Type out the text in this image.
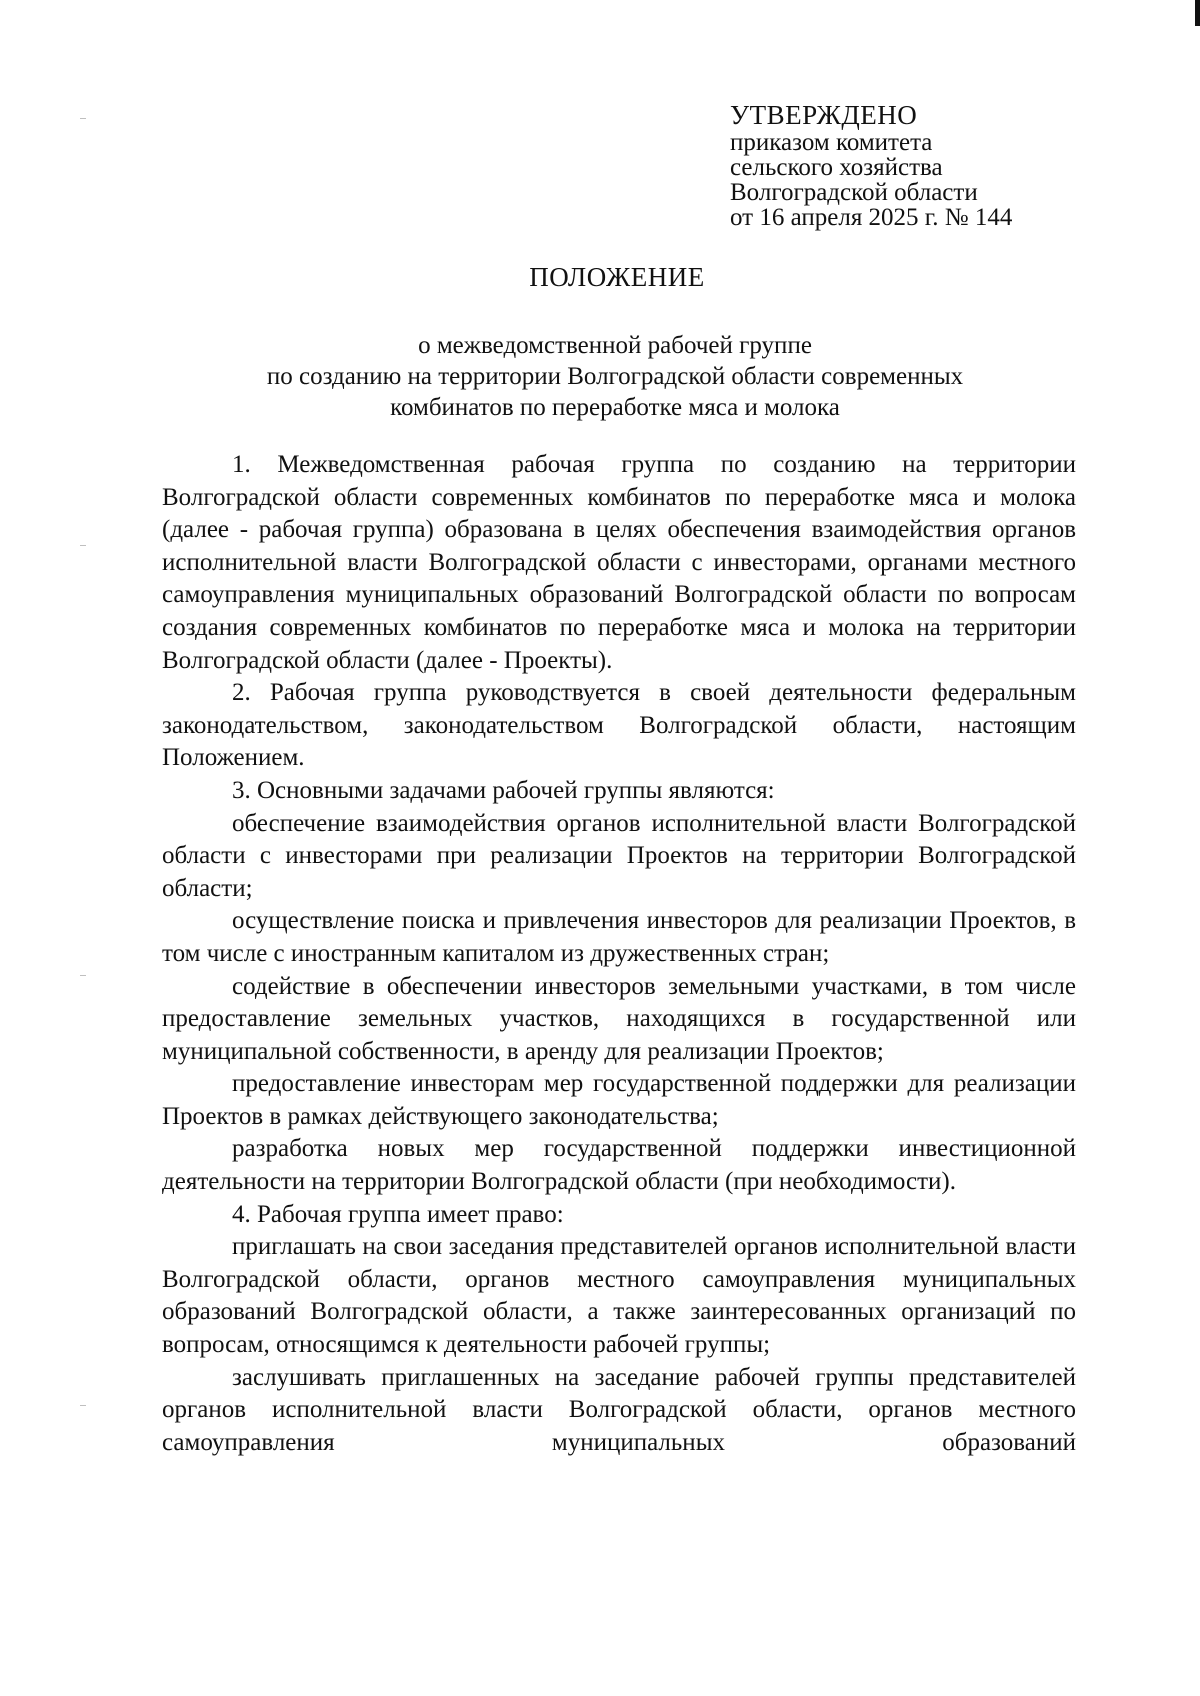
УТВЕРЖДЕНО
приказом комитета
сельского хозяйства
Волгоградской области
от 16 апреля 2025 г. № 144
ПОЛОЖЕНИЕ
о межведомственной рабочей группе
по созданию на территории Волгоградской области современных
комбинатов по переработке мяса и молока

1. Межведомственная рабочая группа по созданию на территории Волгоградской области современных комбинатов по переработке мяса и молока (далее - рабочая группа) образована в целях обеспечения взаимодействия органов исполнительной власти Волгоградской области с инвесторами, органами местного самоуправления муниципальных образований Волгоградской области по вопросам создания современных комбинатов по переработке мяса и молока на территории Волгоградской области (далее - Проекты).

2. Рабочая группа руководствуется в своей деятельности федеральным законодательством, законодательством Волгоградской области, настоящим Положением.

3. Основными задачами рабочей группы являются:

обеспечение взаимодействия органов исполнительной власти Волгоградской области с инвесторами при реализации Проектов на территории Волгоградской области;

осуществление поиска и привлечения инвесторов для реализации Проектов, в том числе с иностранным капиталом из дружественных стран;

содействие в обеспечении инвесторов земельными участками, в том числе предоставление земельных участков, находящихся в государственной или муниципальной собственности, в аренду для реализации Проектов;

предоставление инвесторам мер государственной поддержки для реализации Проектов в рамках действующего законодательства;

разработка новых мер государственной поддержки инвестиционной деятельности на территории Волгоградской области (при необходимости).

4. Рабочая группа имеет право:

приглашать на свои заседания представителей органов исполнительной власти Волгоградской области, органов местного самоуправления муниципальных образований Волгоградской области, а также заинтересованных организаций по вопросам, относящимся к деятельности рабочей группы;

заслушивать приглашенных на заседание рабочей группы представителей органов исполнительной власти Волгоградской области, органов местного самоуправления муниципальных образований
